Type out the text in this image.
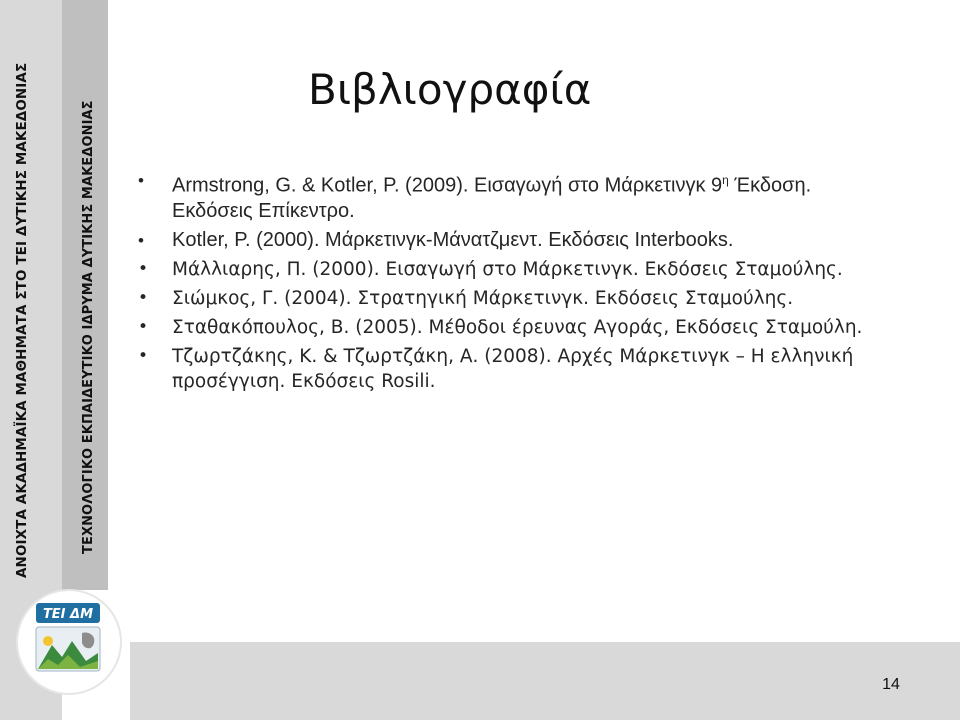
ΑΝΟΙΧΤΑ ΑΚΑΔΗΜΑΪΚΑ ΜΑΘΗΜΑΤΑ ΣΤΟ ΤΕΙ ΔΥΤΙΚΗΣ ΜΑΚΕΔΟΝΙΑΣ	ΤΕΧΝΟΛΟΓΙΚΟ ΕΚΠΑΙΔΕΥΤΙΚΟ ΙΔΡΥΜΑ ΔΥΤΙΚΗΣ ΜΑΚΕΔΟΝΙΑΣ
TEI ΔM
Βιβλιογραφία
• Armstrong, G. & Kotler, P. (2009). Εισαγωγή στο Μάρκετινγκ $9^\eta$ Έκδοση. Εκδόσεις Επίκεντρο.
• Kotler, P. (2000). Μάρκετινγκ-Μάνατζμεντ. Εκδόσεις Interbooks.
• Μάλλιαρης, Π. (2000). Εισαγωγή στο Μάρκετινγκ. Εκδόσεις Σταμούλης.
• Σιώμκος, Γ. (2004). Στρατηγική Μάρκετινγκ. Εκδόσεις Σταμούλης.
• Σταθακόπουλος, Β. (2005). Μέθοδοι έρευνας Αγοράς, Εκδόσεις Σταμούλη.
• Τζωρτζάκης, Κ. & Τζωρτζάκη, Α. (2008). Αρχές Μάρκετινγκ – Η ελληνική προσέγγιση. Εκδόσεις Rosili.
14
